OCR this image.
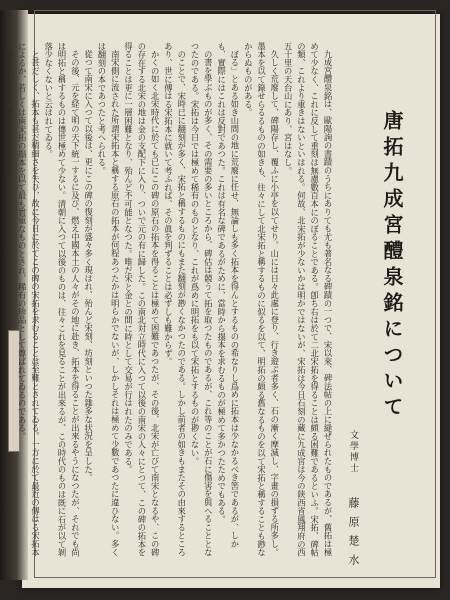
唐拓九成宮醴泉銘について
文學博士 藤原楚水

九成宮醴泉銘は、歐陽詢の書蹟のうちにありても尤も著名なる碑蹟の一つで、宋以來、碑法帖の上に縫ぜられたものであるが、舊拓は極めて少なく、これに反して重刻は無慮數百本にのぼることである。卽ち右は於て二北宋拓を得ることは頗る困難であるといふ。宋拓、碑帖の類、これより重きはないといはれる。何故、北宋拓が少ないかは明かではないが、宋拓は今日石刻の藏に九成宮は今の陝西省鳳翔府の西五十里の天台山にあり、宮はなし。

久しく荒廢して、碑陽存し、覆ふに小亭を以てせり。山には日々此處に登り、行き遊ぶ者多く、石の漸く摩滅し、字畫の損ずる所多し。墨本を以て錄せらるるものの如きも、往々にして北宋拓と稱するものに似るを以て、明拓の頗る舊なるものを以て宋拓と稱することも尠なからぬものがある。

ぼる」とある如き山間の地に荒廢に任せ、無論しも多く拓本を得んとするものの希なりし爲めに拓本は少なかるべき筈であるが、しかも、實際にはこれは反對であつた。これは有名な碑であるがために、當時から搨本を求むるものが極めて多かつたためでもある。

の書を學ぶものが多く、その需要の多いところから、碑估は競うて拓を取つたものであるが、これ等のことが石に傷害を與へることとなつたのである。宋拓は今日では極めて稀有のものとなり、これが爲めに明拓をも以て宋拓とするものが尠くない。

のことで、宋時已に翻刻が多く、宋拓と稱するものにもまた翻刻が尠くなかつたのである。しかし前者の如きもまたその由來するところあり、世に傳はる宋拓本に就いて考ふれば、その眞を判ずることは必ずしも難からず。

かくの如く北宋時代に於ても已にこの碑の原石の拓本を得ることは極めて困難であつたが、その後、北宋が亡びて南宋となるや、この碑の存在する北宋の地は金の支配下に入り、ついで元の有に歸した。この南北対立時代に入つて以後の南宋の人々にとつて、この碑の拓本を得ることは更に一層困難となり、殆んど不可能となつた。唯だ宋と金との間に時として交易が行はれたのみである。

南宋側に流された所謂宋拓本と稱する原石の拓本が何程あつたかは明らかでないが、しかしそれは極めて少數であつたに違ひない。多くは翻刻の本であつたと考へられる。

從つて南宋に入つて以後は、更にこの碑の復刻が盛々多く現はれ、殆んど宋刻、坊刻といつた雜多な状況を呈した。

その後、元を経て明の天下統一するに及び、燃え中國本土の人々がその地に赴き、拓本を得ることが出來るやうになつたが、それでも尚は明拓と稱するものは傳世極めて少ない。清朝に入つて以後のものは、往々これを見ることが出來るが、この時代のものは既に石が以て剝落少なくないと云はれてゐる。

と甚だしく、拓本も甚だ精細さを失ひ、故に今日に於てこの碑の宋拓を求むることは至難とされてゐる。一方に於て最近の傳はる宋拓本によるか、若しくは南宋拓の搨本を以て最も貴重なものとされ、稀有の珍品として尊ばれてゐるのである。

界の一大福音と稱すべきであらう。
